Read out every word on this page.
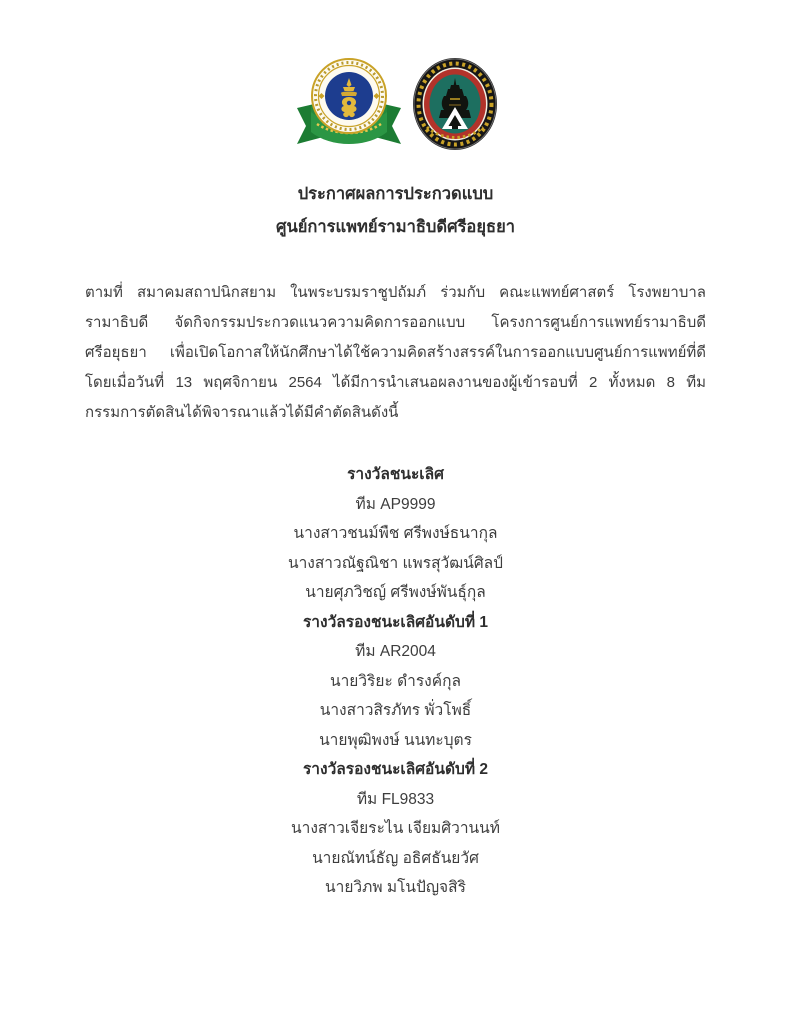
ประกาศผลการประกวดแบบ
ศูนย์การแพทย์รามาธิบดีศรีอยุธยา
ตามที่ สมาคมสถาปนิกสยาม ในพระบรมราชูปถัมภ์ ร่วมกับ คณะแพทย์ศาสตร์ โรงพยาบาลรามาธิบดี จัดกิจกรรมประกวดแนวความคิดการออกแบบ โครงการศูนย์การแพทย์รามาธิบดีศรีอยุธยา เพื่อเปิดโอกาสให้นักศึกษาได้ใช้ความคิดสร้างสรรค์ในการออกแบบศูนย์การแพทย์ที่ดี โดยเมื่อวันที่ 13 พฤศจิกายน 2564 ได้มีการนำเสนอผลงานของผู้เข้ารอบที่ 2 ทั้งหมด 8 ทีม กรรมการตัดสินได้พิจารณาแล้วได้มีคำตัดสินดังนี้
รางวัลชนะเลิศ
ทีม AP9999
นางสาวชนม์พืช ศรีพงษ์ธนากุล
นางสาวณัฐณิชา แพรสุวัฒน์ศิลป์
นายศุภวิชญ์ ศรีพงษ์พันธุ์กุล
รางวัลรองชนะเลิศอันดับที่ 1
ทีม AR2004
นายวิริยะ ดำรงค์กุล
นางสาวสิรภัทร พั่วโพธิ์
นายพุฒิพงษ์ นนทะบุตร
รางวัลรองชนะเลิศอันดับที่ 2
ทีม FL9833
นางสาวเจียระไน เจียมศิวานนท์
นายณัทน์ธัญ อธิศธันยวัศ
นายวิภพ มโนปัญจสิริ
